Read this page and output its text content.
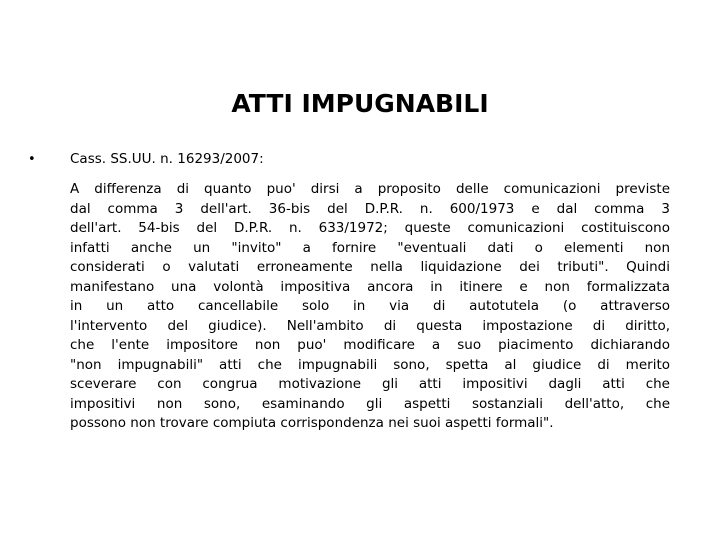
ATTI IMPUGNABILI
•	Cass. SS.UU. n. 16293/2007:
A differenza di quanto puo' dirsi a proposito delle comunicazioni previste
dal comma 3 dell'art. 36-bis del D.P.R. n. 600/1973 e dal comma 3
dell'art. 54-bis del D.P.R. n. 633/1972; queste comunicazioni costituiscono
infatti anche un "invito" a fornire "eventuali dati o elementi non
considerati o valutati erroneamente nella liquidazione dei tributi". Quindi
manifestano una volontà impositiva ancora in itinere e non formalizzata
in un atto cancellabile solo in via di autotutela (o attraverso
l'intervento del giudice). Nell'ambito di questa impostazione di diritto,
che l'ente impositore non puo' modificare a suo piacimento dichiarando
"non impugnabili" atti che impugnabili sono, spetta al giudice di merito
sceverare con congrua motivazione gli atti impositivi dagli atti che
impositivi non sono, esaminando gli aspetti sostanziali dell'atto, che
possono non trovare compiuta corrispondenza nei suoi aspetti formali".
